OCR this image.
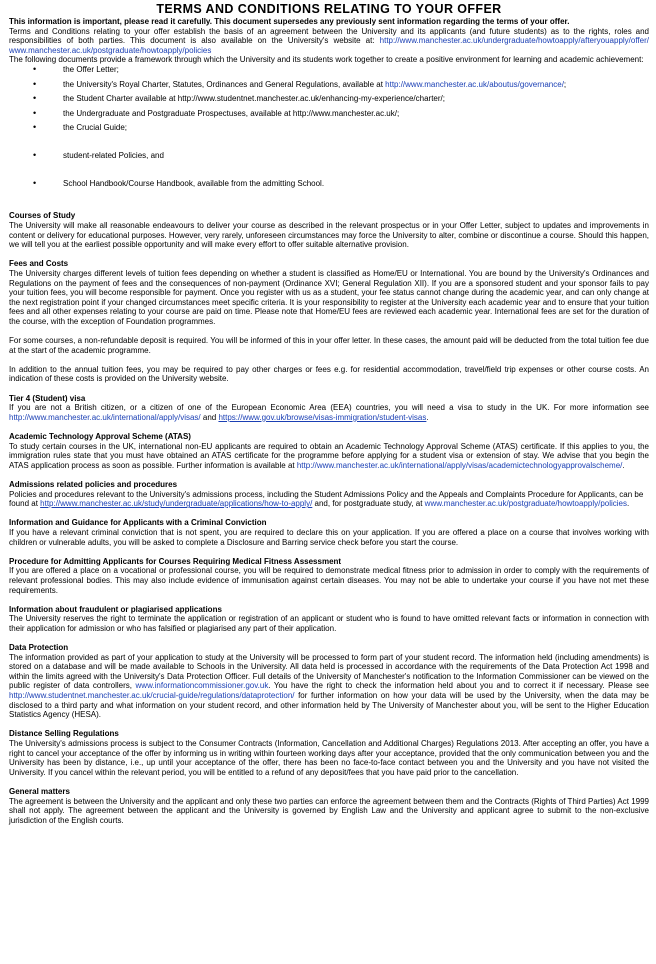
TERMS AND CONDITIONS RELATING TO YOUR OFFER

This information is important, please read it carefully. This document supersedes any previously sent information regarding the terms of your offer.

Terms and Conditions relating to your offer establish the basis of an agreement between the University and its applicants (and future students) as to the rights, roles and responsibilities of both parties. This document is also available on the University's website at: http://www.manchester.ac.uk/undergraduate/howtoapply/afteryouapply/offer/ www.manchester.ac.uk/postgraduate/howtoapply/policies

The following documents provide a framework through which the University and its students work together to create a positive environment for learning and academic achievement:

• the Offer Letter;
• the University's Royal Charter, Statutes, Ordinances and General Regulations, available at http://www.manchester.ac.uk/aboutus/governance/;
• the Student Charter available at http://www.studentnet.manchester.ac.uk/enhancing-my-experience/charter/;
• the Undergraduate and Postgraduate Prospectuses, available at http://www.manchester.ac.uk/;
• the Crucial Guide;
• student-related Policies, and
• School Handbook/Course Handbook, available from the admitting School.

Courses of Study

The University will make all reasonable endeavours to deliver your course as described in the relevant prospectus or in your Offer Letter, subject to updates and improvements in content or delivery for educational purposes. However, very rarely, unforeseen circumstances may force the University to alter, combine or discontinue a course. Should this happen, we will tell you at the earliest possible opportunity and will make every effort to offer suitable alternative provision.

Fees and Costs

The University charges different levels of tuition fees depending on whether a student is classified as Home/EU or International. You are bound by the University's Ordinances and Regulations on the payment of fees and the consequences of non-payment (Ordinance XVI; General Regulation XII). If you are a sponsored student and your sponsor fails to pay your tuition fees, you will become responsible for payment. Once you register with us as a student, your fee status cannot change during the academic year, and can only change at the next registration point if your changed circumstances meet specific criteria. It is your responsibility to register at the University each academic year and to ensure that your tuition fees and all other expenses relating to your course are paid on time. Please note that Home/EU fees are reviewed each academic year. International fees are set for the duration of the course, with the exception of Foundation programmes.

For some courses, a non-refundable deposit is required. You will be informed of this in your offer letter. In these cases, the amount paid will be deducted from the total tuition fee due at the start of the academic programme.

In addition to the annual tuition fees, you may be required to pay other charges or fees e.g. for residential accommodation, travel/field trip expenses or other course costs. An indication of these costs is provided on the University website.

Tier 4 (Student) visa

If you are not a British citizen, or a citizen of one of the European Economic Area (EEA) countries, you will need a visa to study in the UK. For more information see http://www.manchester.ac.uk/international/apply/visas/ and https://www.gov.uk/browse/visas-immigration/student-visas.

Academic Technology Approval Scheme (ATAS)

To study certain courses in the UK, international non-EU applicants are required to obtain an Academic Technology Approval Scheme (ATAS) certificate. If this applies to you, the immigration rules state that you must have obtained an ATAS certificate for the programme before applying for a student visa or extension of stay. We advise that you begin the ATAS application process as soon as possible. Further information is available at http://www.manchester.ac.uk/international/apply/visas/academictechnologyapprovalscheme/.

Admissions related policies and procedures

Policies and procedures relevant to the University's admissions process, including the Student Admissions Policy and the Appeals and Complaints Procedure for Applicants, can be found at http://www.manchester.ac.uk/study/undergraduate/applications/how-to-apply/ and, for postgraduate study, at www.manchester.ac.uk/postgraduate/howtoapply/policies.

Information and Guidance for Applicants with a Criminal Conviction

If you have a relevant criminal conviction that is not spent, you are required to declare this on your application. If you are offered a place on a course that involves working with children or vulnerable adults, you will be asked to complete a Disclosure and Barring service check before you start the course.

Procedure for Admitting Applicants for Courses Requiring Medical Fitness Assessment

If you are offered a place on a vocational or professional course, you will be required to demonstrate medical fitness prior to admission in order to comply with the requirements of relevant professional bodies. This may also include evidence of immunisation against certain diseases. You may not be able to undertake your course if you have not met these requirements.

Information about fraudulent or plagiarised applications

The University reserves the right to terminate the application or registration of an applicant or student who is found to have omitted relevant facts or information in connection with their application for admission or who has falsified or plagiarised any part of their application.

Data Protection

The information provided as part of your application to study at the University will be processed to form part of your student record. The information held (including amendments) is stored on a database and will be made available to Schools in the University. All data held is processed in accordance with the requirements of the Data Protection Act 1998 and within the limits agreed with the University's Data Protection Officer. Full details of the University of Manchester's notification to the Information Commissioner can be viewed on the public register of data controllers, www.informationcommissioner.gov.uk. You have the right to check the information held about you and to correct it if necessary. Please see http://www.studentnet.manchester.ac.uk/crucial-guide/regulations/dataprotection/ for further information on how your data will be used by the University, when the data may be disclosed to a third party and what information on your student record, and other information held by The University of Manchester about you, will be sent to the Higher Education Statistics Agency (HESA).

Distance Selling Regulations

The University's admissions process is subject to the Consumer Contracts (Information, Cancellation and Additional Charges) Regulations 2013. After accepting an offer, you have a right to cancel your acceptance of the offer by informing us in writing within fourteen working days after your acceptance, provided that the only communication between you and the University has been by distance, i.e., up until your acceptance of the offer, there has been no face-to-face contact between you and the University and you have not visited the University. If you cancel within the relevant period, you will be entitled to a refund of any deposit/fees that you have paid prior to the cancellation.

General matters

The agreement is between the University and the applicant and only these two parties can enforce the agreement between them and the Contracts (Rights of Third Parties) Act 1999 shall not apply. The agreement between the applicant and the University is governed by English Law and the University and applicant agree to submit to the non-exclusive jurisdiction of the English courts.
